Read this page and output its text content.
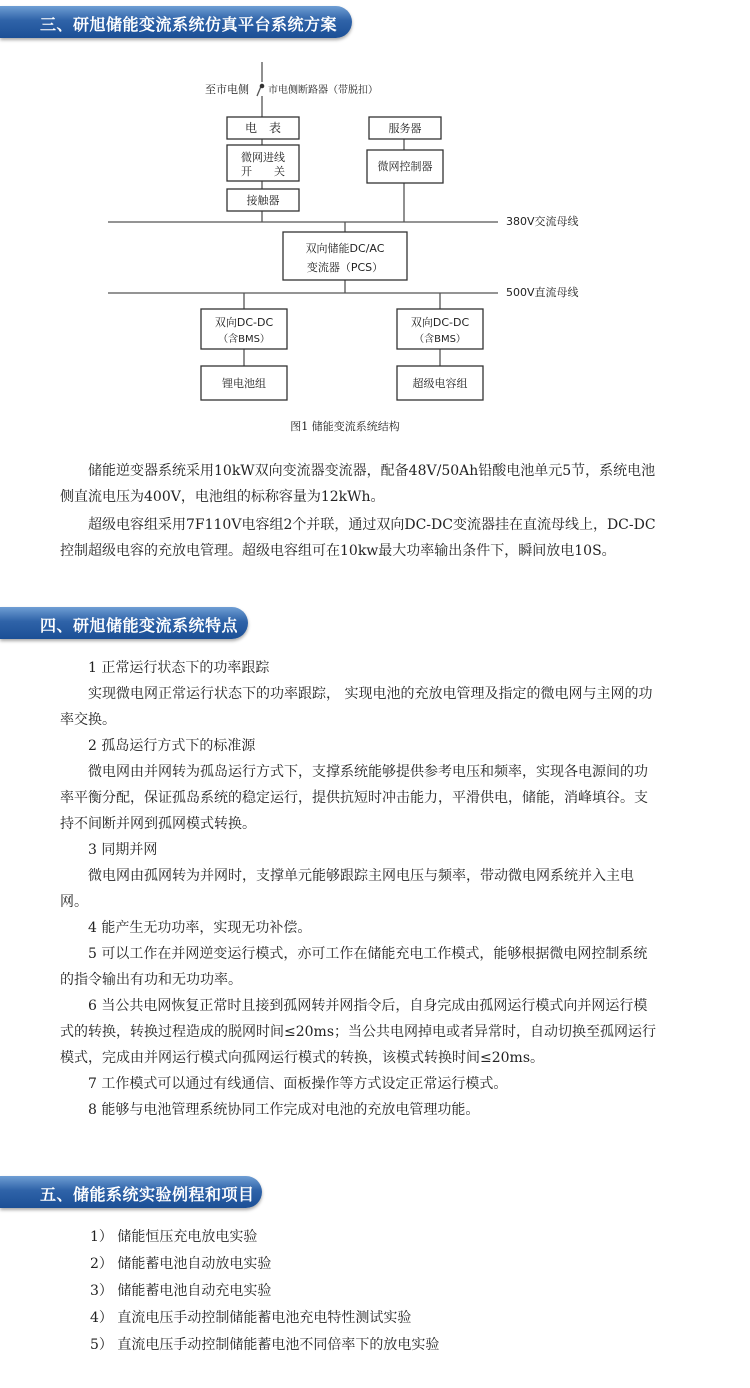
三、研旭储能变流系统仿真平台系统方案
至市电侧 市电侧断路器（带脱扣）
电　表
微网进线
开　　关
接触器
服务器
微网控制器
380V交流母线
双向储能DC/AC
变流器（PCS）
500V直流母线
双向DC-DC
（含BMS）
双向DC-DC
（含BMS）
锂电池组	超级电容组
图1 储能变流系统结构

储能逆变器系统采用10kW双向变流器变流器，配备48V/50Ah铅酸电池单元5节，系统电池侧直流电压为400V，电池组的标称容量为12kWh。

超级电容组采用7F110V电容组2个并联，通过双向DC-DC变流器挂在直流母线上，DC-DC控制超级电容的充放电管理。超级电容组可在10kw最大功率输出条件下，瞬间放电10S。

四、研旭储能变流系统特点
1 正常运行状态下的功率跟踪
实现微电网正常运行状态下的功率跟踪， 实现电池的充放电管理及指定的微电网与主网的功率交换。
2 孤岛运行方式下的标准源
微电网由并网转为孤岛运行方式下，支撑系统能够提供参考电压和频率，实现各电源间的功率平衡分配，保证孤岛系统的稳定运行，提供抗短时冲击能力，平滑供电，储能，消峰填谷。支持不间断并网到孤网模式转换。
3 同期并网
微电网由孤网转为并网时，支撑单元能够跟踪主网电压与频率，带动微电网系统并入主电网。
4 能产生无功功率，实现无功补偿。
5 可以工作在并网逆变运行模式，亦可工作在储能充电工作模式，能够根据微电网控制系统的指令输出有功和无功功率。
6 当公共电网恢复正常时且接到孤网转并网指令后，自身完成由孤网运行模式向并网运行模式的转换，转换过程造成的脱网时间≤20ms；当公共电网掉电或者异常时，自动切换至孤网运行模式，完成由并网运行模式向孤网运行模式的转换，该模式转换时间≤20ms。
7 工作模式可以通过有线通信、面板操作等方式设定正常运行模式。
8 能够与电池管理系统协同工作完成对电池的充放电管理功能。
五、储能系统实验例程和项目
1） 储能恒压充电放电实验
2） 储能蓄电池自动放电实验
3） 储能蓄电池自动充电实验
4） 直流电压手动控制储能蓄电池充电特性测试实验
5） 直流电压手动控制储能蓄电池不同倍率下的放电实验
